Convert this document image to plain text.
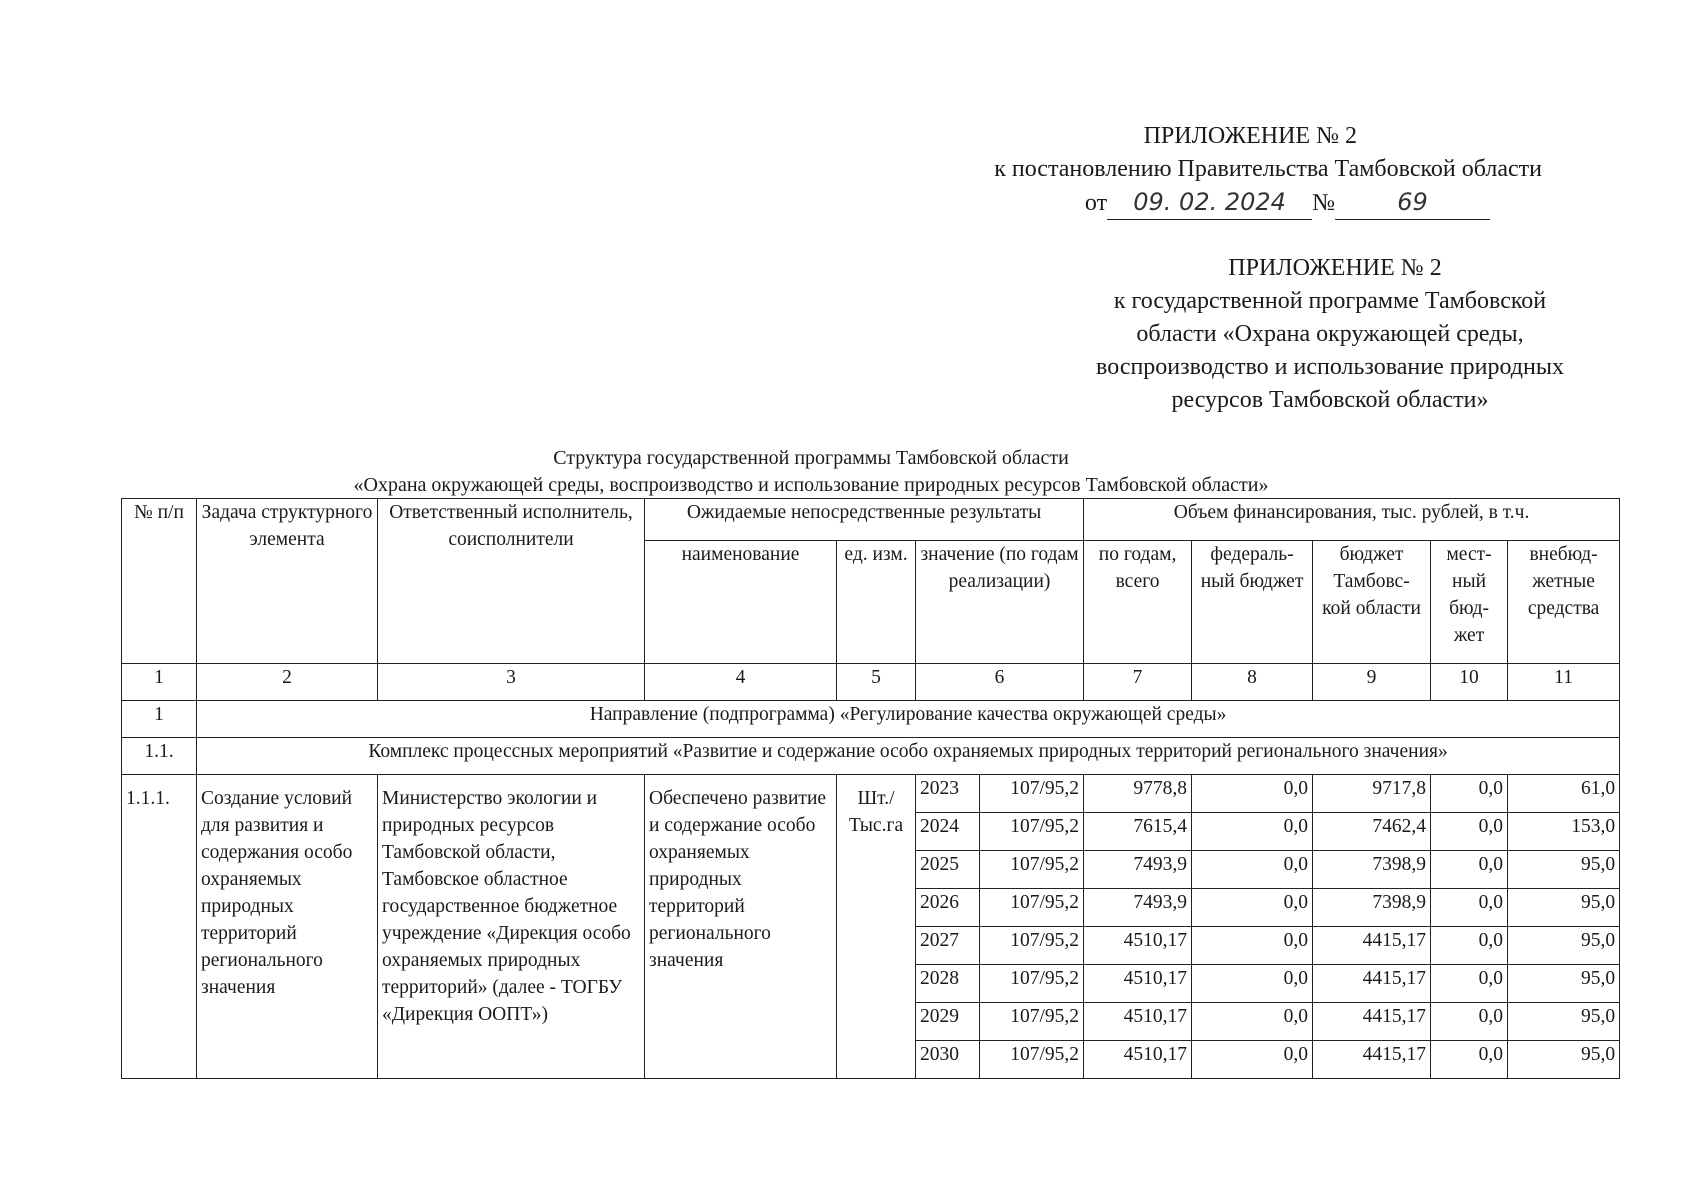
ПРИЛОЖЕНИЕ № 2
к постановлению Правительства Тамбовской области
от 09. 02. 2024 №	69
ПРИЛОЖЕНИЕ № 2
к государственной программе Тамбовской
области «Охрана окружающей среды,
воспроизводство и использование природных
ресурсов Тамбовской области»
Структура государственной программы Тамбовской области
«Охрана окружающей среды, воспроизводство и использование природных ресурсов Тамбовской области»
№ п/п	Задача структурного элемента	Ответственный исполнитель, соисполнители	Ожидаемые непосредственные результаты				Объем финансирования, тыс. рублей, в т.ч.				
			наименование	ед. изм.	значение (по годам реализации)		по годам, всего	федераль- ный бюджет	бюджет Тамбовс- кой области	мест- ный бюд- жет	внебюд- жетные средства
1	2	3	4	5	6		7	8	9	10	11
1	Направление (подпрограмма) «Регулирование качества окружающей среды»										
1.1.	Комплекс процессных мероприятий «Развитие и содержание особо охраняемых природных территорий регионального значения»										
1.1.1.	Создание условий для развития и содержания особо охраняемых природных территорий регионального значения	Министерство экологии и природных ресурсов Тамбовской области, Тамбовское областное государственное бюджетное учреждение «Дирекция особо охраняемых природных территорий» (далее - ТОГБУ «Дирекция ООПТ»)	Обеспечено развитие и содержание особо охраняемых природных территорий регионального значения	Шт./ Тыс.га	2023	107/95,2	9778,8	0,0	9717,8	0,0	61,0
					2024	107/95,2	7615,4	0,0	7462,4	0,0	153,0
					2025	107/95,2	7493,9	0,0	7398,9	0,0	95,0
					2026	107/95,2	7493,9	0,0	7398,9	0,0	95,0
					2027	107/95,2	4510,17	0,0	4415,17	0,0	95,0
					2028	107/95,2	4510,17	0,0	4415,17	0,0	95,0
					2029	107/95,2	4510,17	0,0	4415,17	0,0	95,0
					2030	107/95,2	4510,17	0,0	4415,17	0,0	95,0
